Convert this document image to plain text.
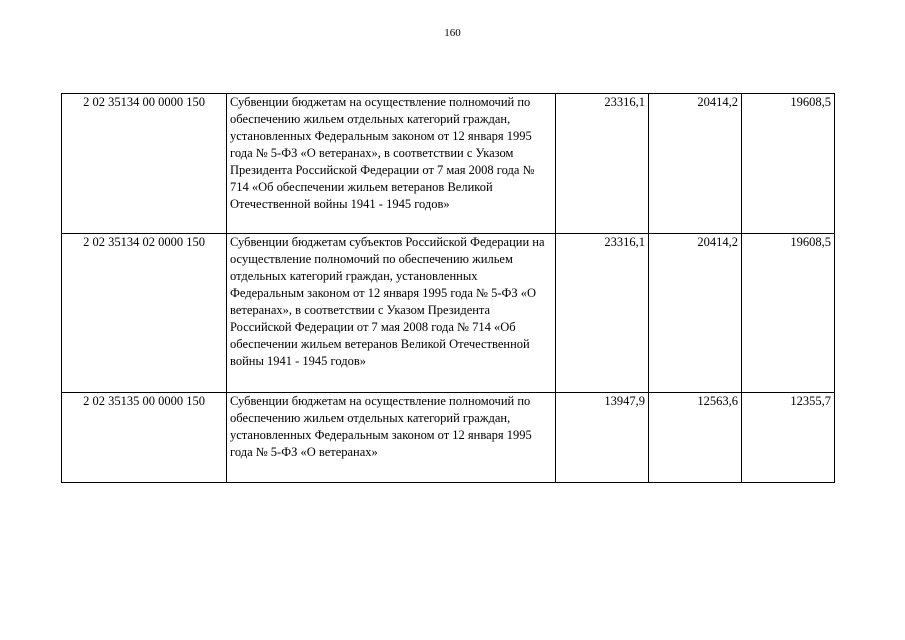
160
2 02 35134 00 0000 150	Субвенции бюджетам на осуществление полномочий по обеспечению жильем отдельных категорий граждан, установленных Федеральным законом от 12 января 1995 года № 5-ФЗ «О ветеранах», в соответствии с Указом Президента Российской Федерации от 7 мая 2008 года № 714 «Об обеспечении жильем ветеранов Великой Отечественной войны 1941 - 1945 годов»	23316,1	20414,2	19608,5
2 02 35134 02 0000 150	Субвенции бюджетам субъектов Российской Федерации на осуществление полномочий по обеспечению жильем отдельных категорий граждан, установленных Федеральным законом от 12 января 1995 года № 5-ФЗ «О ветеранах», в соответствии с Указом Президента Российской Федерации от 7 мая 2008 года № 714 «Об обеспечении жильем ветеранов Великой Отечественной войны 1941 - 1945 годов»	23316,1	20414,2	19608,5
2 02 35135 00 0000 150	Субвенции бюджетам на осуществление полномочий по обеспечению жильем отдельных категорий граждан, установленных Федеральным законом от 12 января 1995 года № 5-ФЗ «О ветеранах»	13947,9	12563,6	12355,7
